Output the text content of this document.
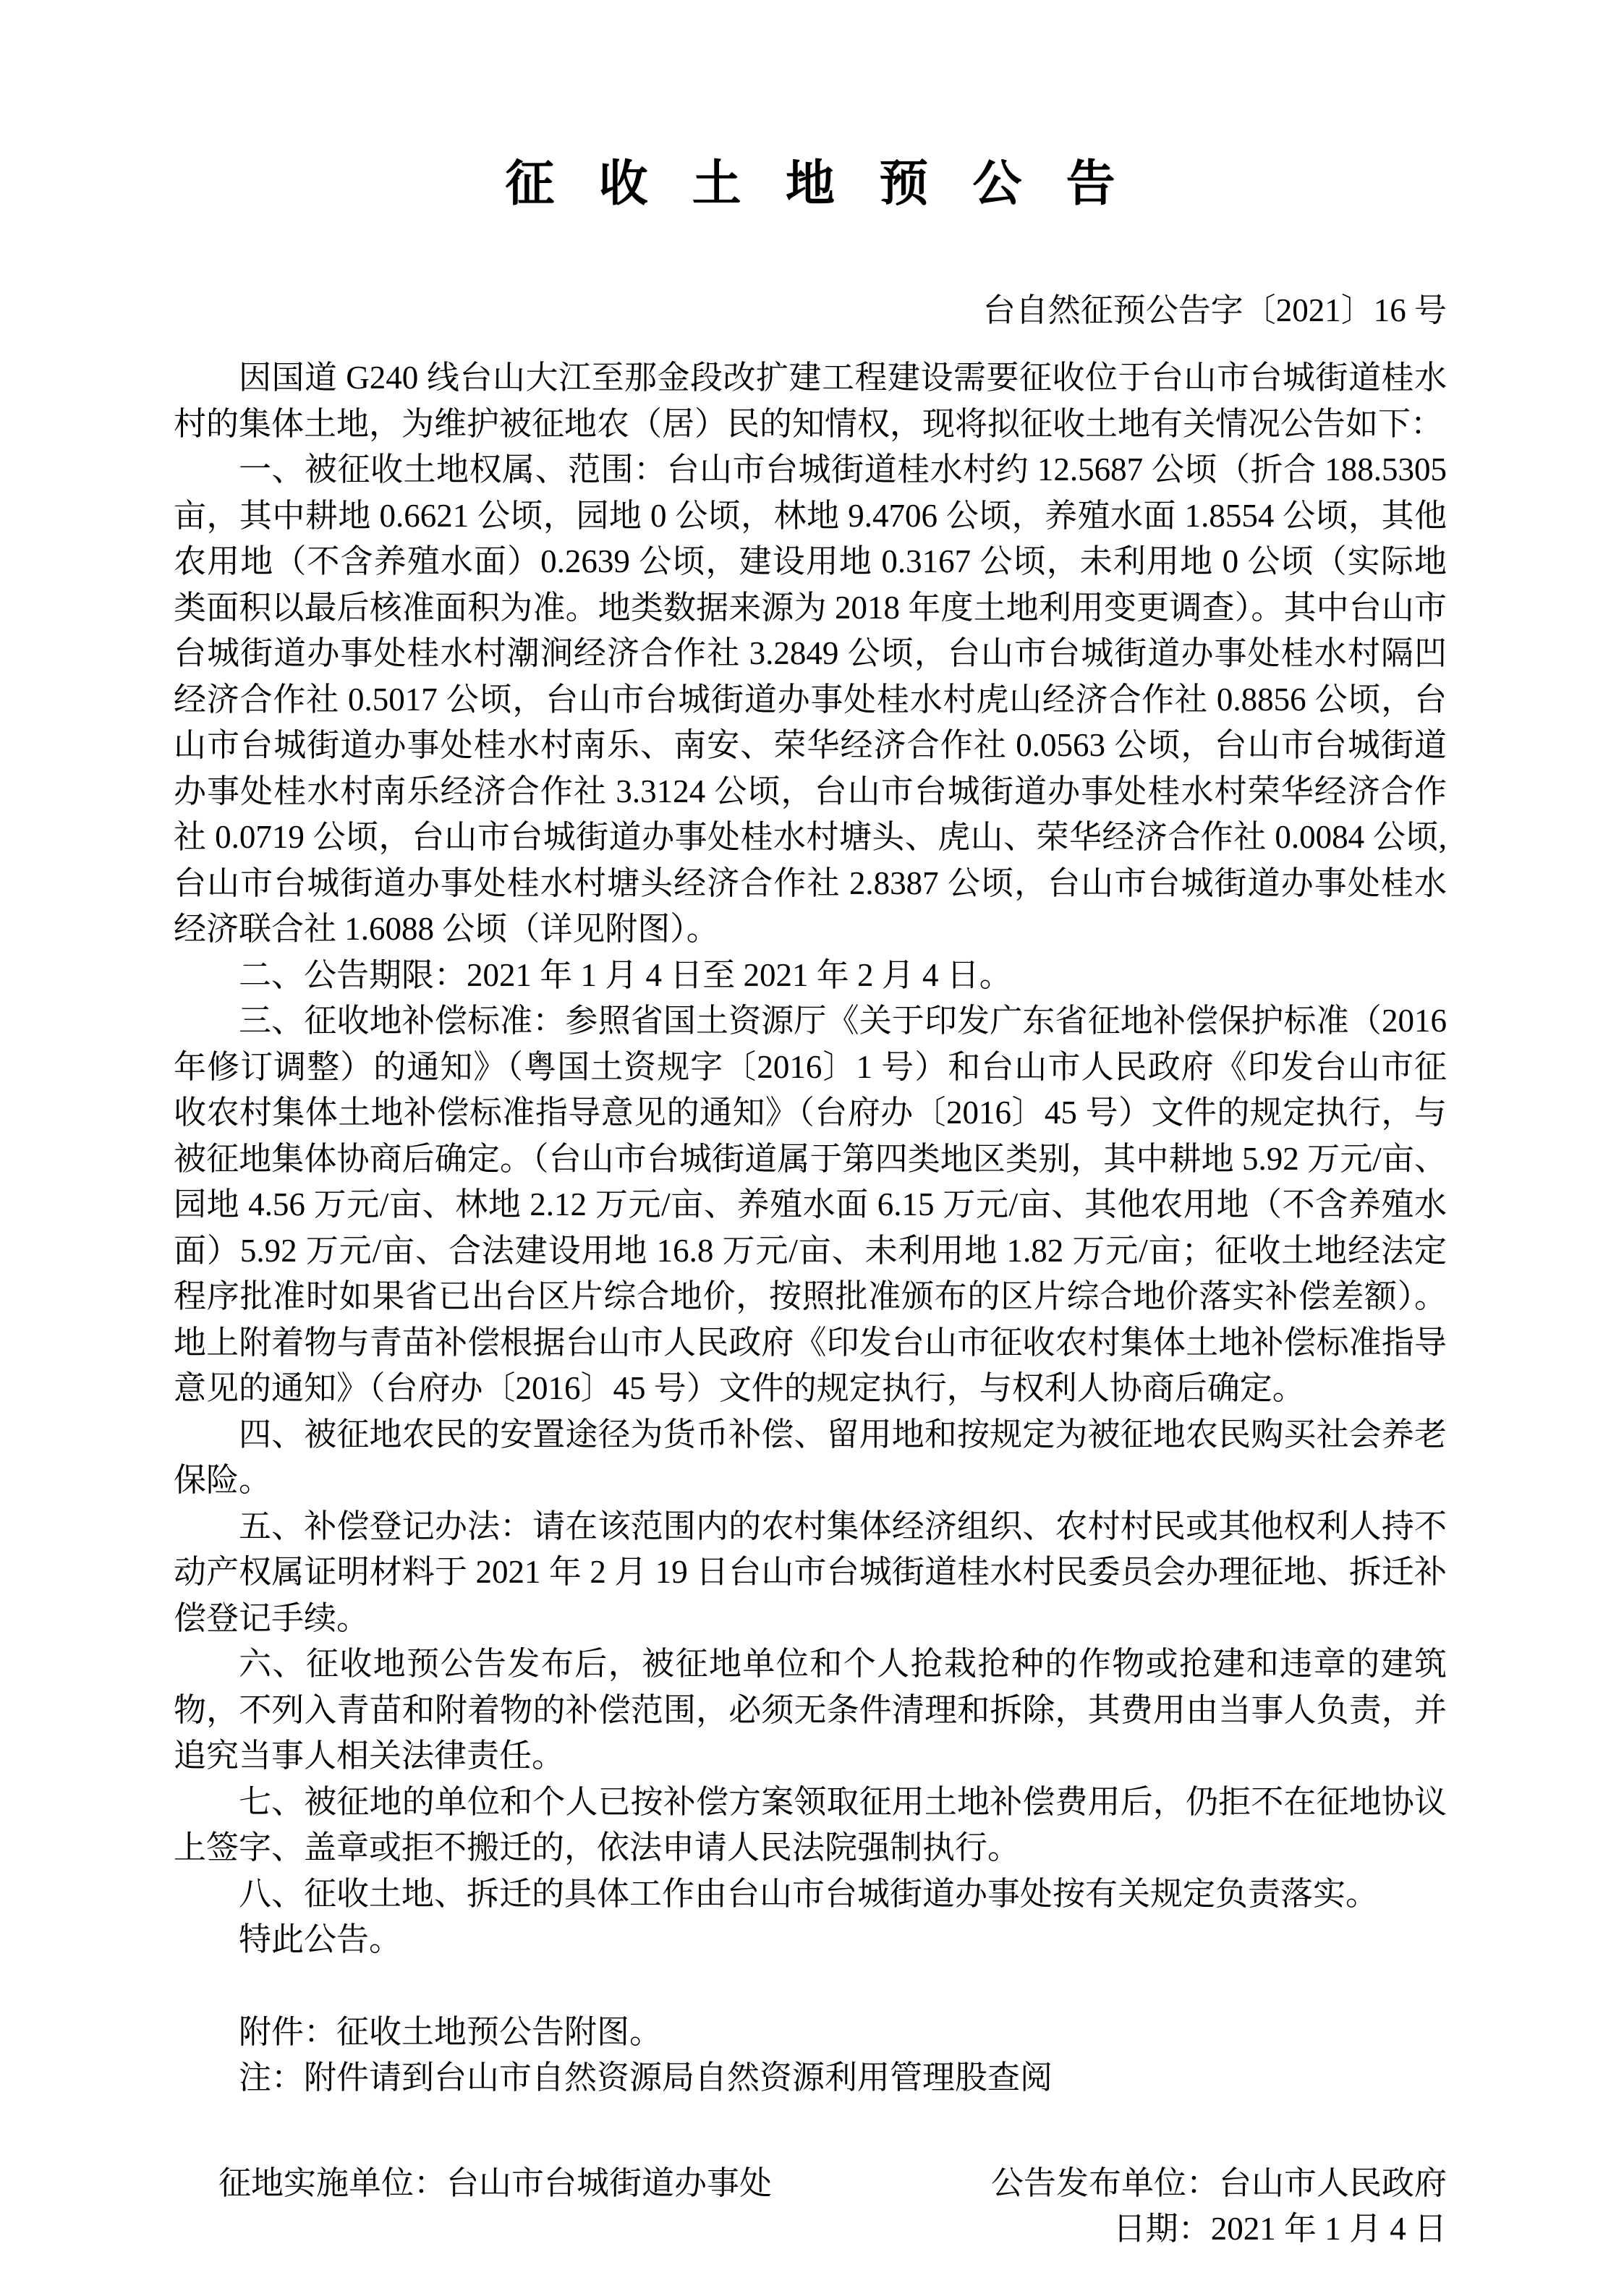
征收土地预公告
台自然征预公告字〔2021〕16 号

因国道 G240 线台山大江至那金段改扩建工程建设需要征收位于台山市台城街道桂水村的集体土地，为维护被征地农（居）民的知情权，现将拟征收土地有关情况公告如下：

一、被征收土地权属、范围：台山市台城街道桂水村约 12.5687 公顷（折合 188.5305 亩，其中耕地 0.6621 公顷，园地 0 公顷，林地 9.4706 公顷，养殖水面 1.8554 公顷，其他农用地（不含养殖水面）0.2639 公顷，建设用地 0.3167 公顷，未利用地 0 公顷（实际地类面积以最后核准面积为准。地类数据来源为 2018 年度土地利用变更调查）。其中台山市台城街道办事处桂水村潮涧经济合作社 3.2849 公顷，台山市台城街道办事处桂水村隔凹经济合作社 0.5017 公顷，台山市台城街道办事处桂水村虎山经济合作社 0.8856 公顷，台山市台城街道办事处桂水村南乐、南安、荣华经济合作社 0.0563 公顷，台山市台城街道办事处桂水村南乐经济合作社 3.3124 公顷，台山市台城街道办事处桂水村荣华经济合作社 0.0719 公顷，台山市台城街道办事处桂水村塘头、虎山、荣华经济合作社 0.0084 公顷,台山市台城街道办事处桂水村塘头经济合作社 2.8387 公顷，台山市台城街道办事处桂水经济联合社 1.6088 公顷（详见附图）。

二、公告期限：2021 年 1 月 4 日至 2021 年 2 月 4 日。

三、征收地补偿标准：参照省国土资源厅《关于印发广东省征地补偿保护标准（2016 年修订调整）的通知》（粤国土资规字〔2016〕1 号）和台山市人民政府《印发台山市征收农村集体土地补偿标准指导意见的通知》（台府办〔2016〕45 号）文件的规定执行，与被征地集体协商后确定。（台山市台城街道属于第四类地区类别，其中耕地 5.92 万元/亩、园地 4.56 万元/亩、林地 2.12 万元/亩、养殖水面 6.15 万元/亩、其他农用地（不含养殖水面）5.92 万元/亩、合法建设用地 16.8 万元/亩、未利用地 1.82 万元/亩；征收土地经法定程序批准时如果省已出台区片综合地价，按照批准颁布的区片综合地价落实补偿差额）。地上附着物与青苗补偿根据台山市人民政府《印发台山市征收农村集体土地补偿标准指导意见的通知》（台府办〔2016〕45 号）文件的规定执行，与权利人协商后确定。

四、被征地农民的安置途径为货币补偿、留用地和按规定为被征地农民购买社会养老保险。

五、补偿登记办法：请在该范围内的农村集体经济组织、农村村民或其他权利人持不动产权属证明材料于 2021 年 2 月 19 日台山市台城街道桂水村民委员会办理征地、拆迁补偿登记手续。

六、征收地预公告发布后，被征地单位和个人抢栽抢种的作物或抢建和违章的建筑物，不列入青苗和附着物的补偿范围，必须无条件清理和拆除，其费用由当事人负责，并追究当事人相关法律责任。

七、被征地的单位和个人已按补偿方案领取征用土地补偿费用后，仍拒不在征地协议上签字、盖章或拒不搬迁的，依法申请人民法院强制执行。

八、征收土地、拆迁的具体工作由台山市台城街道办事处按有关规定负责落实。

特此公告。

附件：征收土地预公告附图。

注：附件请到台山市自然资源局自然资源利用管理股查阅

征地实施单位：台山市台城街道办事处	公告发布单位：台山市人民政府
日期：2021 年 1 月 4 日
